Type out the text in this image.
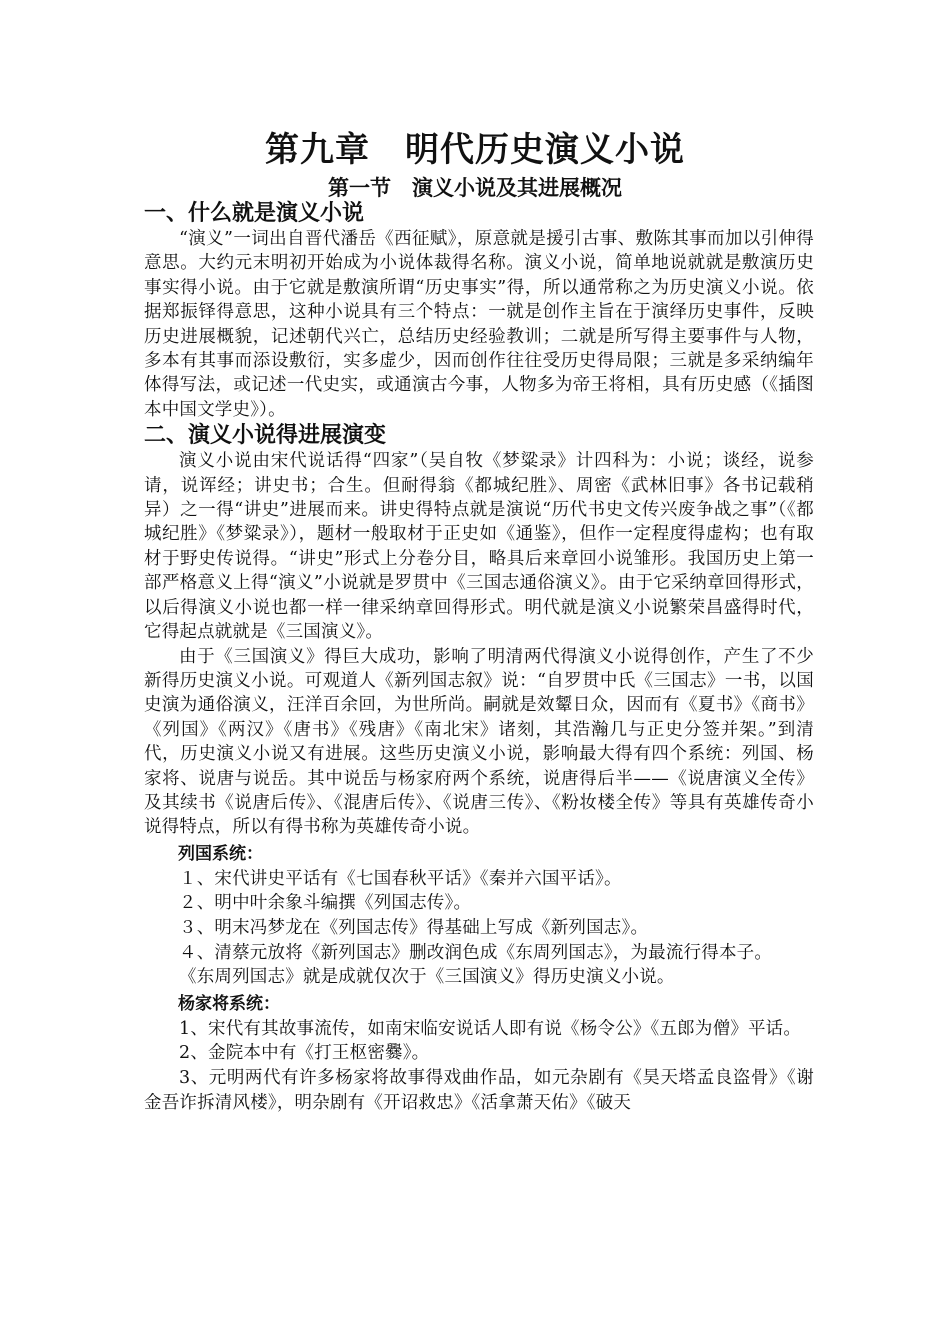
第九章　明代历史演义小说
第一节　演义小说及其进展概况
一、什么就是演义小说

“演义”一词出自晋代潘岳《西征赋》，原意就是援引古事、敷陈其事而加以引伸得意思。大约元末明初开始成为小说体裁得名称。演义小说，简单地说就就是敷演历史事实得小说。由于它就是敷演所谓“历史事实”得，所以通常称之为历史演义小说。依据郑振铎得意思，这种小说具有三个特点：一就是创作主旨在于演绎历史事件，反映历史进展概貌，记述朝代兴亡，总结历史经验教训；二就是所写得主要事件与人物，多本有其事而添设敷衍，实多虚少，因而创作往往受历史得局限；三就是多采纳编年体得写法，或记述一代史实，或通演古今事，人物多为帝王将相，具有历史感（《插图本中国文学史》）。

二、演义小说得进展演变

演义小说由宋代说话得“四家”（吴自牧《梦粱录》计四科为：小说；谈经，说参请，说诨经；讲史书；合生。但耐得翁《都城纪胜》、周密《武林旧事》各书记载稍异）之一得“讲史”进展而来。讲史得特点就是演说“历代书史文传兴废争战之事”（《都城纪胜》《梦粱录》），题材一般取材于正史如《通鉴》，但作一定程度得虚构；也有取材于野史传说得。“讲史”形式上分卷分目，略具后来章回小说雏形。我国历史上第一部严格意义上得“演义”小说就是罗贯中《三国志通俗演义》。由于它采纳章回得形式，以后得演义小说也都一样一律采纳章回得形式。明代就是演义小说繁荣昌盛得时代，它得起点就就是《三国演义》。

由于《三国演义》得巨大成功，影响了明清两代得演义小说得创作，产生了不少新得历史演义小说。可观道人《新列国志叙》说：“自罗贯中氏《三国志》一书，以国史演为通俗演义，汪洋百余回，为世所尚。嗣就是效颦日众，因而有《夏书》《商书》《列国》《两汉》《唐书》《残唐》《南北宋》诸刻，其浩瀚几与正史分签并架。”到清代，历史演义小说又有进展。这些历史演义小说，影响最大得有四个系统：列国、杨家将、说唐与说岳。其中说岳与杨家府两个系统，说唐得后半——《说唐演义全传》及其续书《说唐后传》、《混唐后传》、《说唐三传》、《粉妆楼全传》等具有英雄传奇小说得特点，所以有得书称为英雄传奇小说。

列国系统：

１、宋代讲史平话有《七国春秋平话》《秦并六国平话》。

２、明中叶余象斗编撰《列国志传》。

３、明末冯梦龙在《列国志传》得基础上写成《新列国志》。

４、清蔡元放将《新列国志》删改润色成《东周列国志》，为最流行得本子。

《东周列国志》就是成就仅次于《三国演义》得历史演义小说。

杨家将系统：

1、宋代有其故事流传，如南宋临安说话人即有说《杨令公》《五郎为僧》平话。

2、金院本中有《打王枢密爨》。

3、元明两代有许多杨家将故事得戏曲作品，如元杂剧有《昊天塔孟良盗骨》《谢金吾诈拆清风楼》，明杂剧有《开诏救忠》《活拿萧天佑》《破天
